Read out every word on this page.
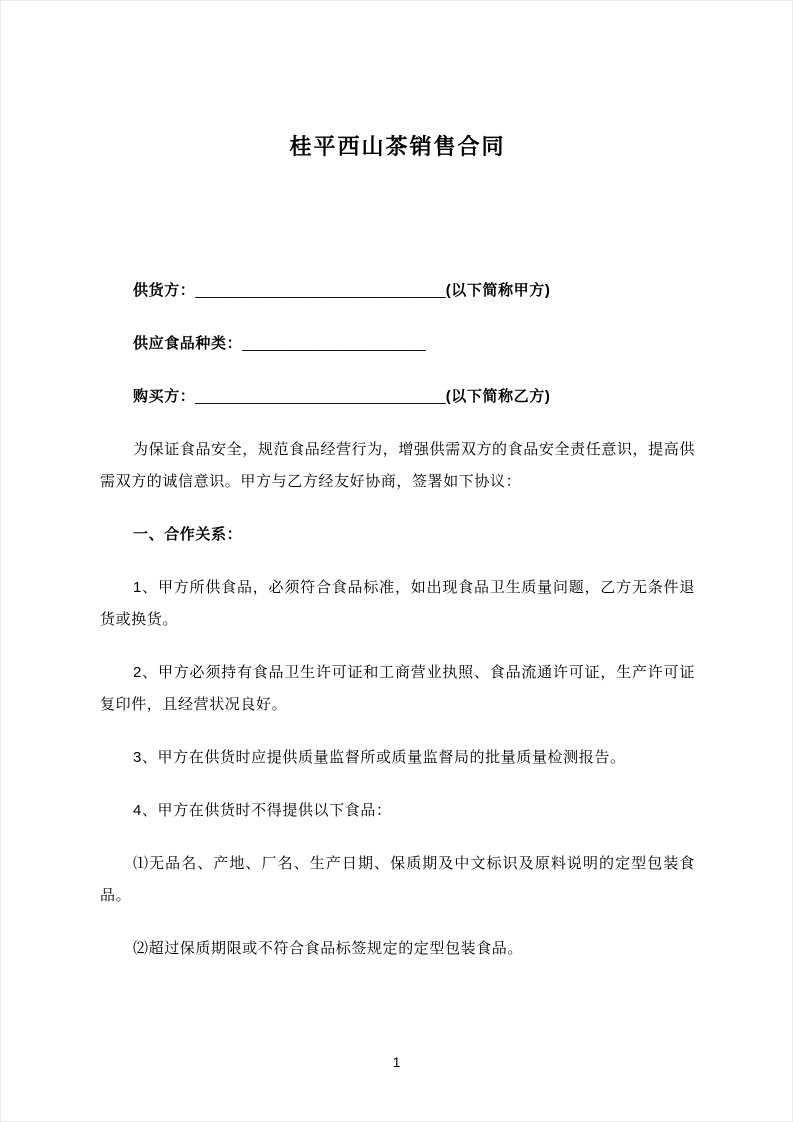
桂平西山茶销售合同

供货方：______________________________(以下简称甲方)

供应食品种类：______________________

购买方：______________________________(以下简称乙方)

为保证食品安全，规范食品经营行为，增强供需双方的食品安全责任意识，提高供需双方的诚信意识。甲方与乙方经友好协商，签署如下协议：

一、合作关系：

1、甲方所供食品，必须符合食品标准，如出现食品卫生质量问题，乙方无条件退货或换货。

2、甲方必须持有食品卫生许可证和工商营业执照、食品流通许可证，生产许可证复印件，且经营状况良好。

3、甲方在供货时应提供质量监督所或质量监督局的批量质量检测报告。

4、甲方在供货时不得提供以下食品：

⑴无品名、产地、厂名、生产日期、保质期及中文标识及原料说明的定型包装食品。

⑵超过保质期限或不符合食品标签规定的定型包装食品。

1
